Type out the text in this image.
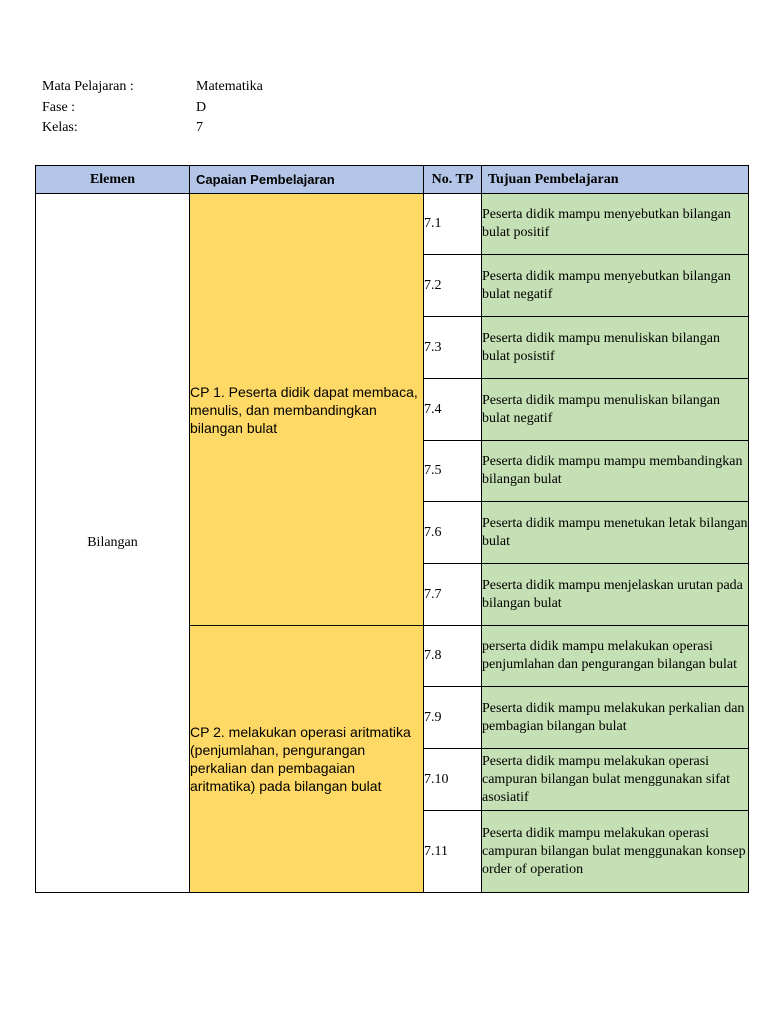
Mata Pelajaran :	Matematika
Fase :	D
Kelas:	7
Elemen	Capaian Pembelajaran	No. TP	Tujuan Pembelajaran
Bilangan	CP 1. Peserta didik dapat membaca, menulis, dan membandingkan bilangan bulat	7.1	Peserta didik mampu menyebutkan bilangan bulat positif
		7.2	Peserta didik mampu menyebutkan bilangan bulat negatif
		7.3	Peserta didik mampu menuliskan bilangan bulat posistif
		7.4	Peserta didik mampu menuliskan bilangan bulat negatif
		7.5	Peserta didik mampu mampu membandingkan bilangan bulat
		7.6	Peserta didik mampu menetukan letak bilangan bulat
		7.7	Peserta didik mampu menjelaskan urutan pada bilangan bulat
	CP 2. melakukan operasi aritmatika (penjumlahan, pengurangan perkalian dan pembagaian aritmatika) pada bilangan bulat	7.8	perserta didik mampu melakukan operasi penjumlahan dan pengurangan bilangan bulat
		7.9	Peserta didik mampu melakukan perkalian dan pembagian bilangan bulat
		7.10	Peserta didik mampu melakukan operasi campuran bilangan bulat menggunakan sifat asosiatif
		7.11	Peserta didik mampu melakukan operasi campuran bilangan bulat menggunakan konsep order of operation
